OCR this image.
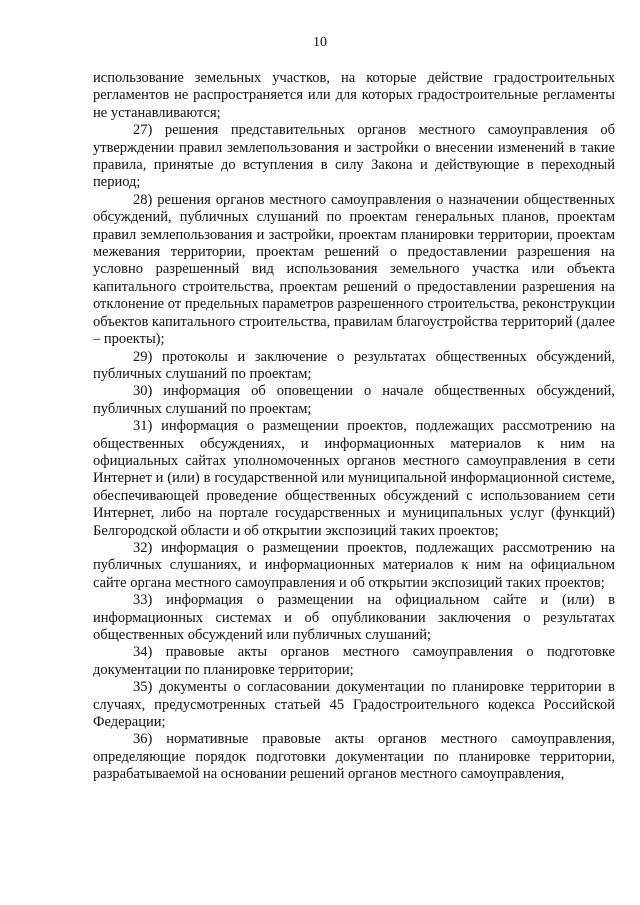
10

использование земельных участков, на которые действие градостроительных регламентов не распространяется или для которых градостроительные регламенты не устанавливаются;

27) решения представительных органов местного самоуправления об утверждении правил землепользования и застройки о внесении изменений в такие правила, принятые до вступления в силу Закона и действующие в переходный период;

28) решения органов местного самоуправления о назначении общественных обсуждений, публичных слушаний по проектам генеральных планов, проектам правил землепользования и застройки, проектам планировки территории, проектам межевания территории, проектам решений о предоставлении разрешения на условно разрешенный вид использования земельного участка или объекта капитального строительства, проектам решений о предоставлении разрешения на отклонение от предельных параметров разрешенного строительства, реконструкции объектов капитального строительства, правилам благоустройства территорий (далее – проекты);

29) протоколы и заключение о результатах общественных обсуждений, публичных слушаний по проектам;

30) информация об оповещении о начале общественных обсуждений, публичных слушаний по проектам;

31) информация о размещении проектов, подлежащих рассмотрению на общественных обсуждениях, и информационных материалов к ним на официальных сайтах уполномоченных органов местного самоуправления в сети Интернет и (или) в государственной или муниципальной информационной системе, обеспечивающей проведение общественных обсуждений с использованием сети Интернет, либо на портале государственных и муниципальных услуг (функций) Белгородской области и об открытии экспозиций таких проектов;

32) информация о размещении проектов, подлежащих рассмотрению на публичных слушаниях, и информационных материалов к ним на официальном сайте органа местного самоуправления и об открытии экспозиций таких проектов;

33) информация о размещении на официальном сайте и (или) в информационных системах и об опубликовании заключения о результатах общественных обсуждений или публичных слушаний;

34) правовые акты органов местного самоуправления о подготовке документации по планировке территории;

35) документы о согласовании документации по планировке территории в случаях, предусмотренных статьей 45 Градостроительного кодекса Российской Федерации;

36) нормативные правовые акты органов местного самоуправления, определяющие порядок подготовки документации по планировке территории, разрабатываемой на основании решений органов местного самоуправления,
